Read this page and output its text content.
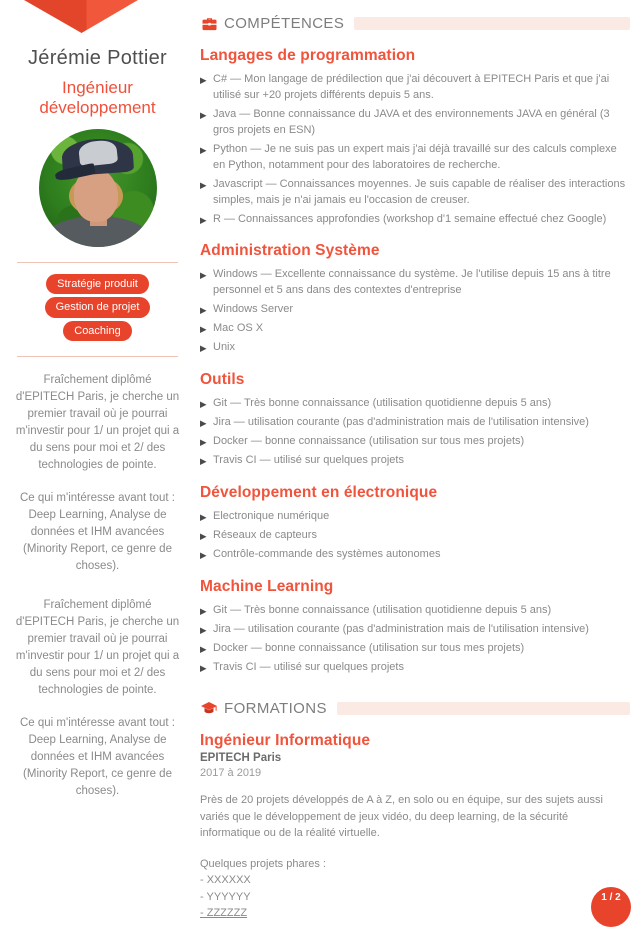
Jérémie Pottier
Ingénieur développement
Stratégie produit
Gestion de projet
Coaching

Fraîchement diplômé d'EPITECH Paris, je cherche un premier travail où je pourrai m'investir pour 1/ un projet qui a du sens pour moi et 2/ des technologies de pointe.

Ce qui m'intéresse avant tout : Deep Learning, Analyse de données et IHM avancées (Minority Report, ce genre de choses).

Fraîchement diplômé d'EPITECH Paris, je cherche un premier travail où je pourrai m'investir pour 1/ un projet qui a du sens pour moi et 2/ des technologies de pointe.

Ce qui m'intéresse avant tout : Deep Learning, Analyse de données et IHM avancées (Minority Report, ce genre de choses).

COMPÉTENCES
Langages de programmation
▶ C# — Mon langage de prédilection que j'ai découvert à EPITECH Paris et que j'ai utilisé sur +20 projets différents depuis 5 ans.
▶ Java — Bonne connaissance du JAVA et des environnements JAVA en général (3 gros projets en ESN)
▶ Python — Je ne suis pas un expert mais j'ai déjà travaillé sur des calculs complexe en Python, notamment pour des laboratoires de recherche.
▶ Javascript — Connaissances moyennes. Je suis capable de réaliser des interactions simples, mais je n'ai jamais eu l'occasion de creuser.
▶ R — Connaissances approfondies (workshop d'1 semaine effectué chez Google)
Administration Système
▶ Windows — Excellente connaissance du système. Je l'utilise depuis 15 ans à titre personnel et 5 ans dans des contextes d'entreprise
▶ Windows Server
▶ Mac OS X
▶ Unix
Outils
▶ Git — Très bonne connaissance (utilisation quotidienne depuis 5 ans)
▶ Jira — utilisation courante (pas d'administration mais de l'utilisation intensive)
▶ Docker — bonne connaissance (utilisation sur tous mes projets)
▶ Travis CI — utilisé sur quelques projets
Développement en électronique
▶ Electronique numérique
▶ Réseaux de capteurs
▶ Contrôle-commande des systèmes autonomes
Machine Learning
▶ Git — Très bonne connaissance (utilisation quotidienne depuis 5 ans)
▶ Jira — utilisation courante (pas d'administration mais de l'utilisation intensive)
▶ Docker — bonne connaissance (utilisation sur tous mes projets)
▶ Travis CI — utilisé sur quelques projets
FORMATIONS
Ingénieur Informatique
EPITECH Paris
2017 à 2019
Près de 20 projets développés de A à Z, en solo ou en équipe, sur des sujets aussi variés que le développement de jeux vidéo, du deep learning, de la sécurité informatique ou de la réalité virtuelle.
Quelques projets phares :
- XXXXXX
- YYYYYY
- ZZZZZZ
1 / 2
